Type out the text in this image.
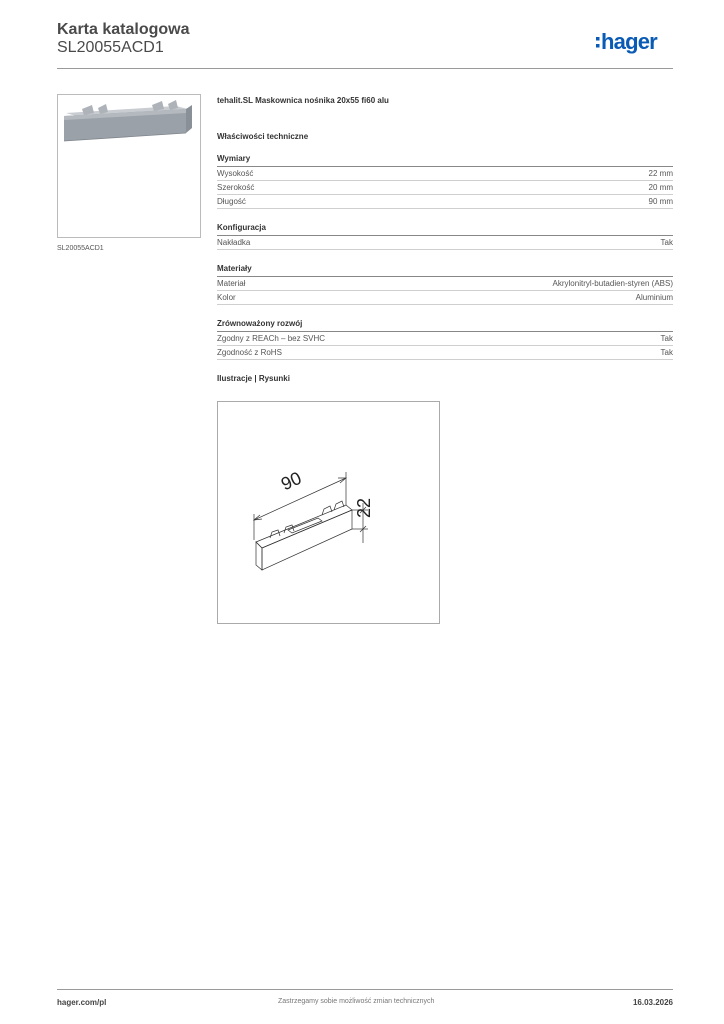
Karta katalogowa
SL20055ACD1	hager
SL20055ACD1
tehalit.SL Maskownica nośnika 20x55 fi60 alu
Właściwości techniczne
Wymiary
Wysokość	22 mm
Szerokość	20 mm
Długość	90 mm
Konfiguracja
Nakładka	Tak
Materiały
Materiał	Akrylonitryl-butadien-styren (ABS)
Kolor	Aluminium
Zrównoważony rozwój
Zgodny z REACh – bez SVHC	Tak
Zgodność z RoHS	Tak
Ilustracje | Rysunki
90
22
hager.com/pl	Zastrzegamy sobie możliwość zmian technicznych	16.03.2026
